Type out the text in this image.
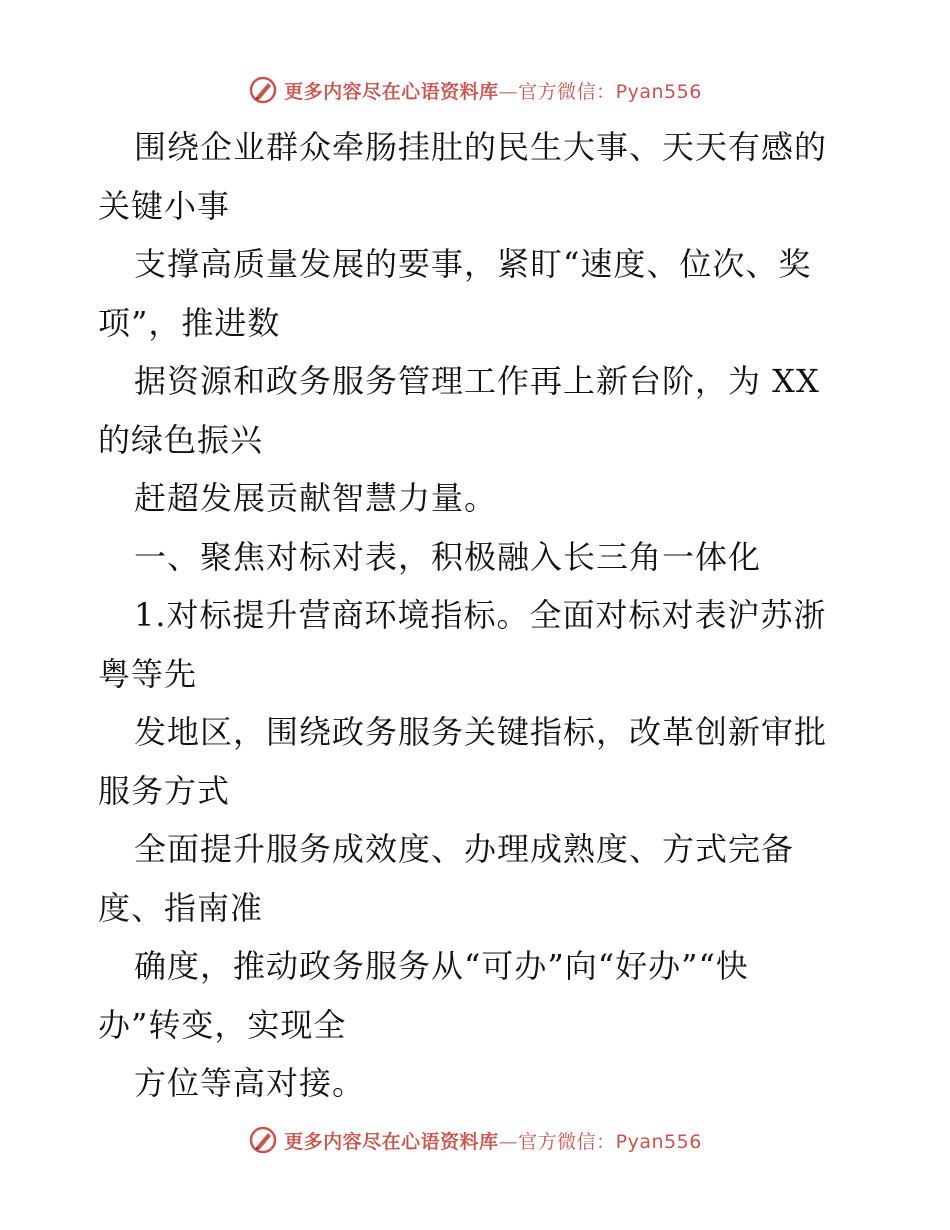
更多内容尽在心语资料库—官方微信：Pyan556
围绕企业群众牵肠挂肚的民生大事、天天有感的
关键小事
支撑高质量发展的要事，紧盯“速度、位次、奖
项”，推进数
据资源和政务服务管理工作再上新台阶，为 XX
的绿色振兴
赶超发展贡献智慧力量。
一、聚焦对标对表，积极融入长三角一体化
1.对标提升营商环境指标。全面对标对表沪苏浙
粤等先
发地区，围绕政务服务关键指标，改革创新审批
服务方式
全面提升服务成效度、办理成熟度、方式完备
度、指南准
确度，推动政务服务从“可办”向“好办”“快
办”转变，实现全
方位等高对接。
更多内容尽在心语资料库—官方微信：Pyan556
